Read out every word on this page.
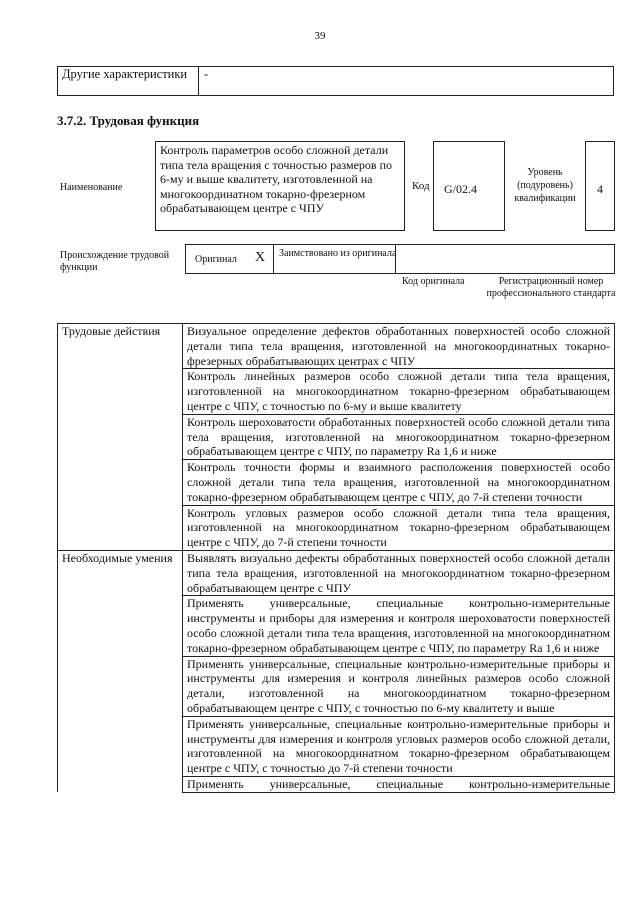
39
Другие характеристики	-
3.7.2. Трудовая функция
Наименование
Контроль параметров особо сложной детали типа тела вращения с точностью размеров по 6-му и выше квалитету, изготовленной на многокоординатном токарно-фрезерном обрабатывающем центре с ЧПУ
Код	G/02.4
Уровень (подуровень) квалификации
4
Происхождение трудовой функции
Оригинал X Заимствовано из оригинала
Код оригинала	Регистрационный номер профессионального стандарта
Трудовые действия	Визуальное определение дефектов обработанных поверхностей особо сложной детали типа тела вращения, изготовленной на многокоординатных токарно-фрезерных обрабатывающих центрах с ЧПУ
	Контроль линейных размеров особо сложной детали типа тела вращения, изготовленной на многокоординатном токарно-фрезерном обрабатывающем центре с ЧПУ, с точностью по 6-му и выше квалитету
	Контроль шероховатости обработанных поверхностей особо сложной детали типа тела вращения, изготовленной на многокоординатном токарно-фрезерном обрабатывающем центре с ЧПУ, по параметру Ra 1,6 и ниже
	Контроль точности формы и взаимного расположения поверхностей особо сложной детали типа тела вращения, изготовленной на многокоординатном токарно-фрезерном обрабатывающем центре с ЧПУ, до 7-й степени точности
	Контроль угловых размеров особо сложной детали типа тела вращения, изготовленной на многокоординатном токарно-фрезерном обрабатывающем центре с ЧПУ, до 7-й степени точности
Необходимые умения	Выявлять визуально дефекты обработанных поверхностей особо сложной детали типа тела вращения, изготовленной на многокоординатном токарно-фрезерном обрабатывающем центре с ЧПУ
	Применять универсальные, специальные контрольно-измерительные инструменты и приборы для измерения и контроля шероховатости поверхностей особо сложной детали типа тела вращения, изготовленной на многокоординатном токарно-фрезерном обрабатывающем центре с ЧПУ, по параметру Ra 1,6 и ниже
	Применять универсальные, специальные контрольно-измерительные приборы и инструменты для измерения и контроля линейных размеров особо сложной детали, изготовленной на многокоординатном токарно-фрезерном обрабатывающем центре с ЧПУ, с точностью по 6-му квалитету и выше
	Применять универсальные, специальные контрольно-измерительные приборы и инструменты для измерения и контроля угловых размеров особо сложной детали, изготовленной на многокоординатном токарно-фрезерном обрабатывающем центре с ЧПУ, с точностью до 7-й степени точности
	Применять универсальные, специальные контрольно-измерительные
